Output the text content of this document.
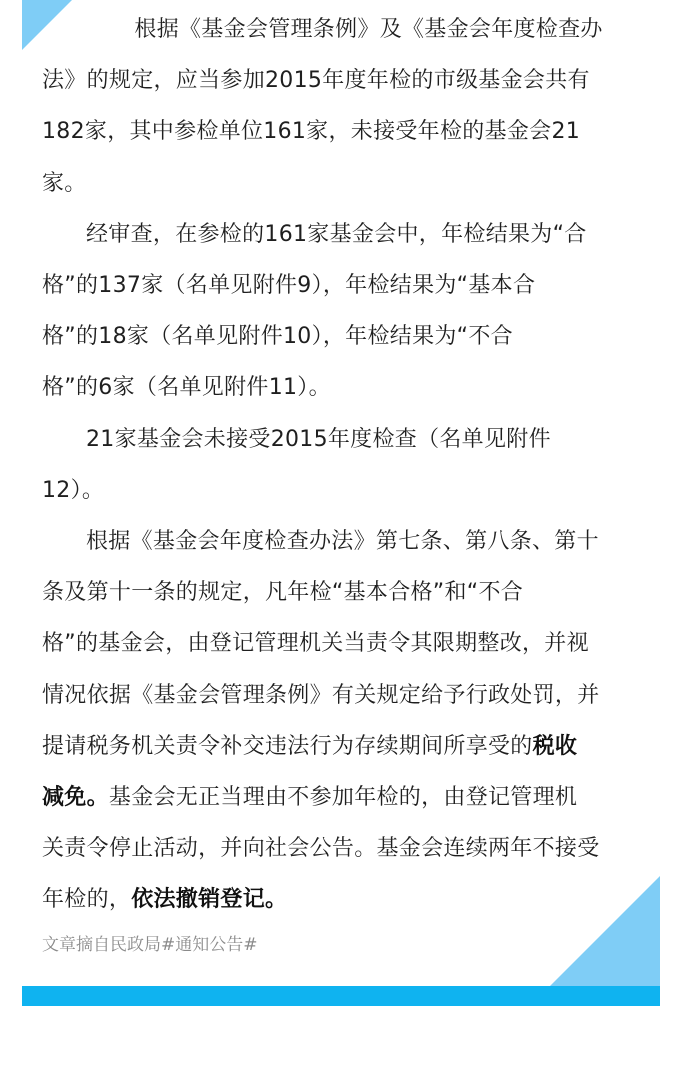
根据《基金会管理条例》及《基金会年度检查办
法》的规定，应当参加2015年度年检的市级基金会共有
182家，其中参检单位161家，未接受年检的基金会21
家。

经审查，在参检的161家基金会中，年检结果为“合
格”的137家（名单见附件9），年检结果为“基本合
格”的18家（名单见附件10），年检结果为“不合
格”的6家（名单见附件11）。

21家基金会未接受2015年度检查（名单见附件
12）。

根据《基金会年度检查办法》第七条、第八条、第十
条及第十一条的规定，凡年检“基本合格”和“不合
格”的基金会，由登记管理机关当责令其限期整改，并视
情况依据《基金会管理条例》有关规定给予行政处罚，并
提请税务机关责令补交违法行为存续期间所享受的税收
减免。基金会无正当理由不参加年检的，由登记管理机
关责令停止活动，并向社会公告。基金会连续两年不接受
年检的，依法撤销登记。

文章摘自民政局#通知公告#
